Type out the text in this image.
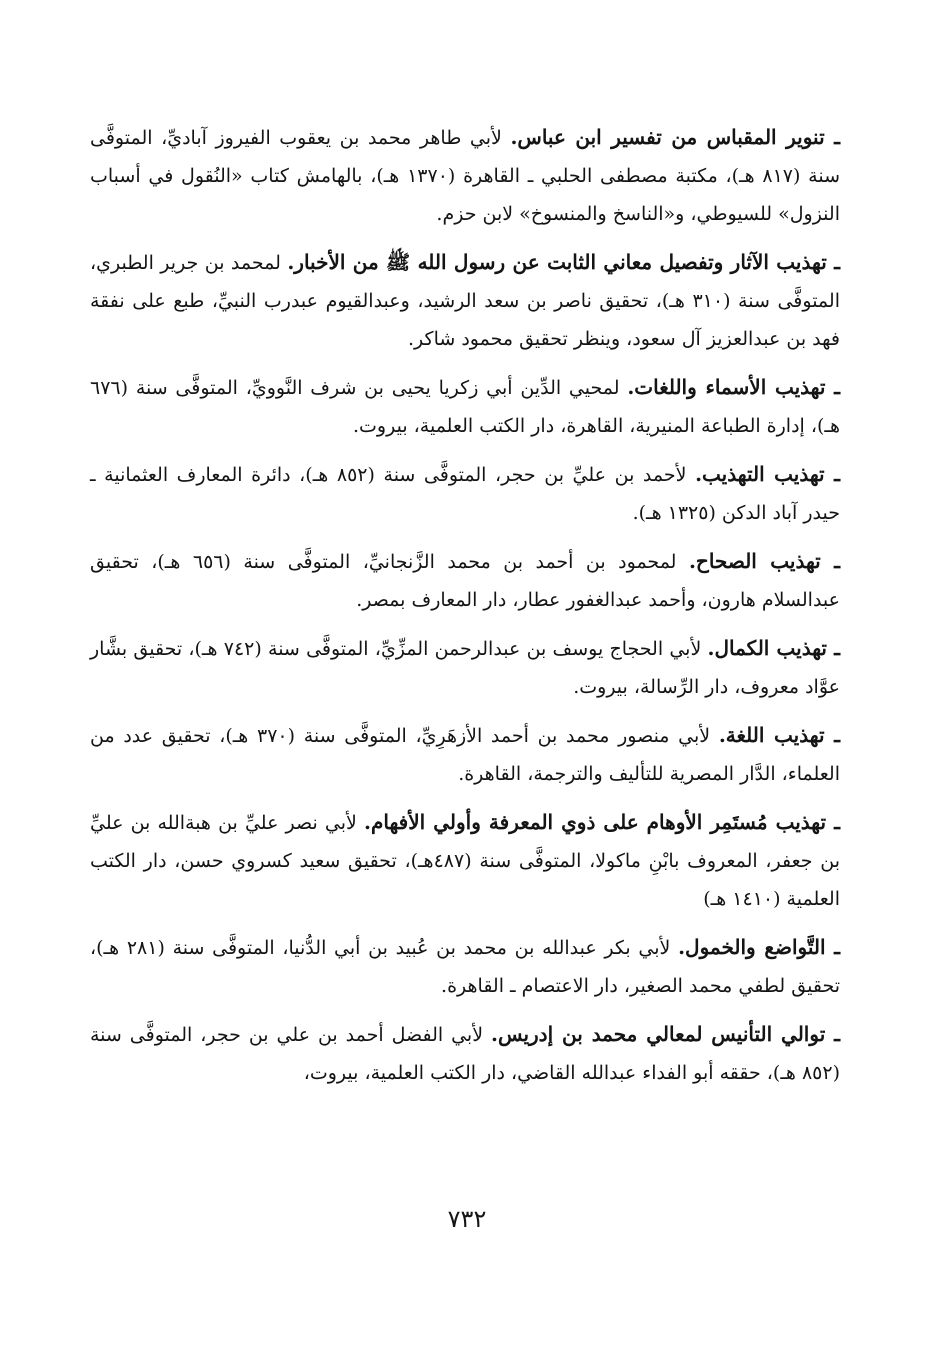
ـ تنوير المقباس من تفسير ابن عباس. لأبي طاهر محمد بن يعقوب الفيروز آباديِّ، المتوفَّى سنة (٨١٧ هـ)، مكتبة مصطفى الحلبي ـ القاهرة (١٣٧٠ هـ)، بالهامش كتاب «النُقول في أسباب النزول» للسيوطي، و«الناسخ والمنسوخ» لابن حزم.

ـ تهذيب الآثار وتفصيل معاني الثابت عن رسول الله ﷺ من الأخبار. لمحمد بن جرير الطبري، المتوفَّى سنة (٣١٠ هـ)، تحقيق ناصر بن سعد الرشيد، وعبدالقيوم عبدرب النبيِّ، طبع على نفقة فهد بن عبدالعزيز آل سعود، وينظر تحقيق محمود شاكر.

ـ تهذيب الأسماء واللغات. لمحيي الدِّين أبي زكريا يحيى بن شرف النَّوويِّ، المتوفَّى سنة (٦٧٦ هـ)، إدارة الطباعة المنيرية، القاهرة، دار الكتب العلمية، بيروت.

ـ تهذيب التهذيب. لأحمد بن عليِّ بن حجر، المتوفَّى سنة (٨٥٢ هـ)، دائرة المعارف العثمانية ـ حيدر آباد الدكن (١٣٢٥ هـ).

ـ تهذيب الصحاح. لمحمود بن أحمد بن محمد الزَّنجانيِّ، المتوفَّى سنة (٦٥٦ هـ)، تحقيق عبدالسلام هارون، وأحمد عبدالغفور عطار، دار المعارف بمصر.

ـ تهذيب الكمال. لأبي الحجاج يوسف بن عبدالرحمن المزِّيِّ، المتوفَّى سنة (٧٤٢ هـ)، تحقيق بشَّار عوَّاد معروف، دار الرِّسالة، بيروت.

ـ تهذيب اللغة. لأبي منصور محمد بن أحمد الأزهَرِيِّ، المتوفَّى سنة (٣٧٠ هـ)، تحقيق عدد من العلماء، الدَّار المصرية للتأليف والترجمة، القاهرة.

ـ تهذيب مُستَمِر الأوهام على ذوي المعرفة وأولي الأفهام. لأبي نصر عليِّ بن هبةالله بن عليِّ بن جعفر، المعروف بابْنِ ماكولا، المتوفَّى سنة (٤٨٧هـ)، تحقيق سعيد كسروي حسن، دار الكتب العلمية (١٤١٠ هـ)

ـ التَّواضع والخمول. لأبي بكر عبدالله بن محمد بن عُبيد بن أبي الدُّنيا، المتوفَّى سنة (٢٨١ هـ)، تحقيق لطفي محمد الصغير، دار الاعتصام ـ القاهرة.

ـ توالي التأنيس لمعالي محمد بن إدريس. لأبي الفضل أحمد بن علي بن حجر، المتوفَّى سنة (٨٥٢ هـ)، حققه أبو الفداء عبدالله القاضي، دار الكتب العلمية، بيروت،

٧٣٢
